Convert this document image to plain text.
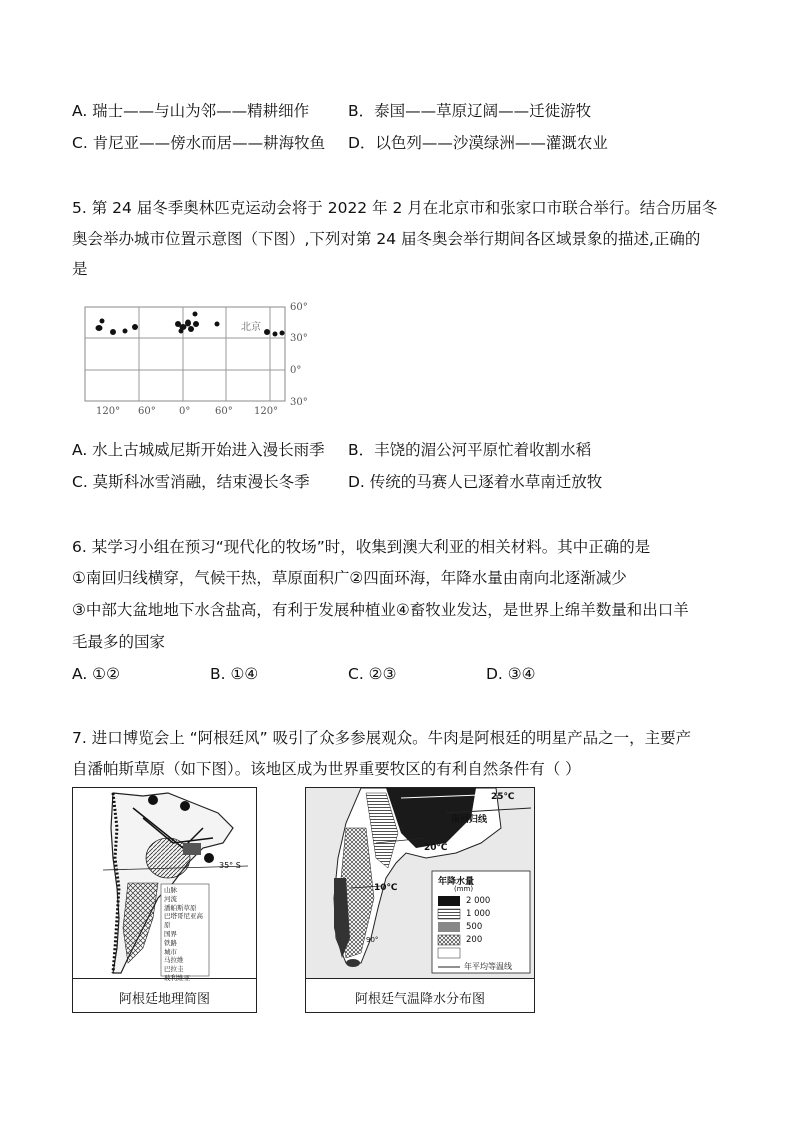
A. 瑞士——与山为邻——精耕细作	B．泰国——草原辽阔——迁徙游牧
C. 肯尼亚——傍水而居——耕海牧鱼 D．以色列——沙漠绿洲——灌溉农业
5. 第 24 届冬季奥林匹克运动会将于 2022 年 2 月在北京市和张家口市联合举行。结合历届冬
奥会举办城市位置示意图（下图）,下列对第 24 届冬奥会举行期间各区域景象的描述,正确的
是
北京
60°
30°
0°
30°
120° 60° 0° 60° 120°
A. 水上古城威尼斯开始进入漫长雨季 B．丰饶的湄公河平原忙着收割水稻
C. 莫斯科冰雪消融，结束漫长冬季 D. 传统的马赛人已逐着水草南迁放牧
6. 某学习小组在预习“现代化的牧场”时，收集到澳大利亚的相关材料。其中正确的是
①南回归线横穿，气候干热，草原面积广②四面环海，年降水量由南向北逐渐减少
③中部大盆地地下水含盐高，有利于发展种植业④畜牧业发达，是世界上绵羊数量和出口羊
毛最多的国家
A. ①②	B. ①④	C. ②③	D. ③④
7. 进口博览会上 “阿根廷风” 吸引了众多参展观众。牛肉是阿根廷的明星产品之一，主要产
自潘帕斯草原（如下图）。该地区成为世界重要牧区的有利自然条件有（ ）
35° S
山脉
河流
潘帕斯草原
巴塔哥尼亚高原
国界
铁路
城市
马拉维
巴拉圭
玻利维亚
阿根廷地理简图
25℃
南回归线
20℃
10℃
90°
年降水量
(mm)
2 000
1 000
500
200
年平均等温线
阿根廷气温降水分布图
